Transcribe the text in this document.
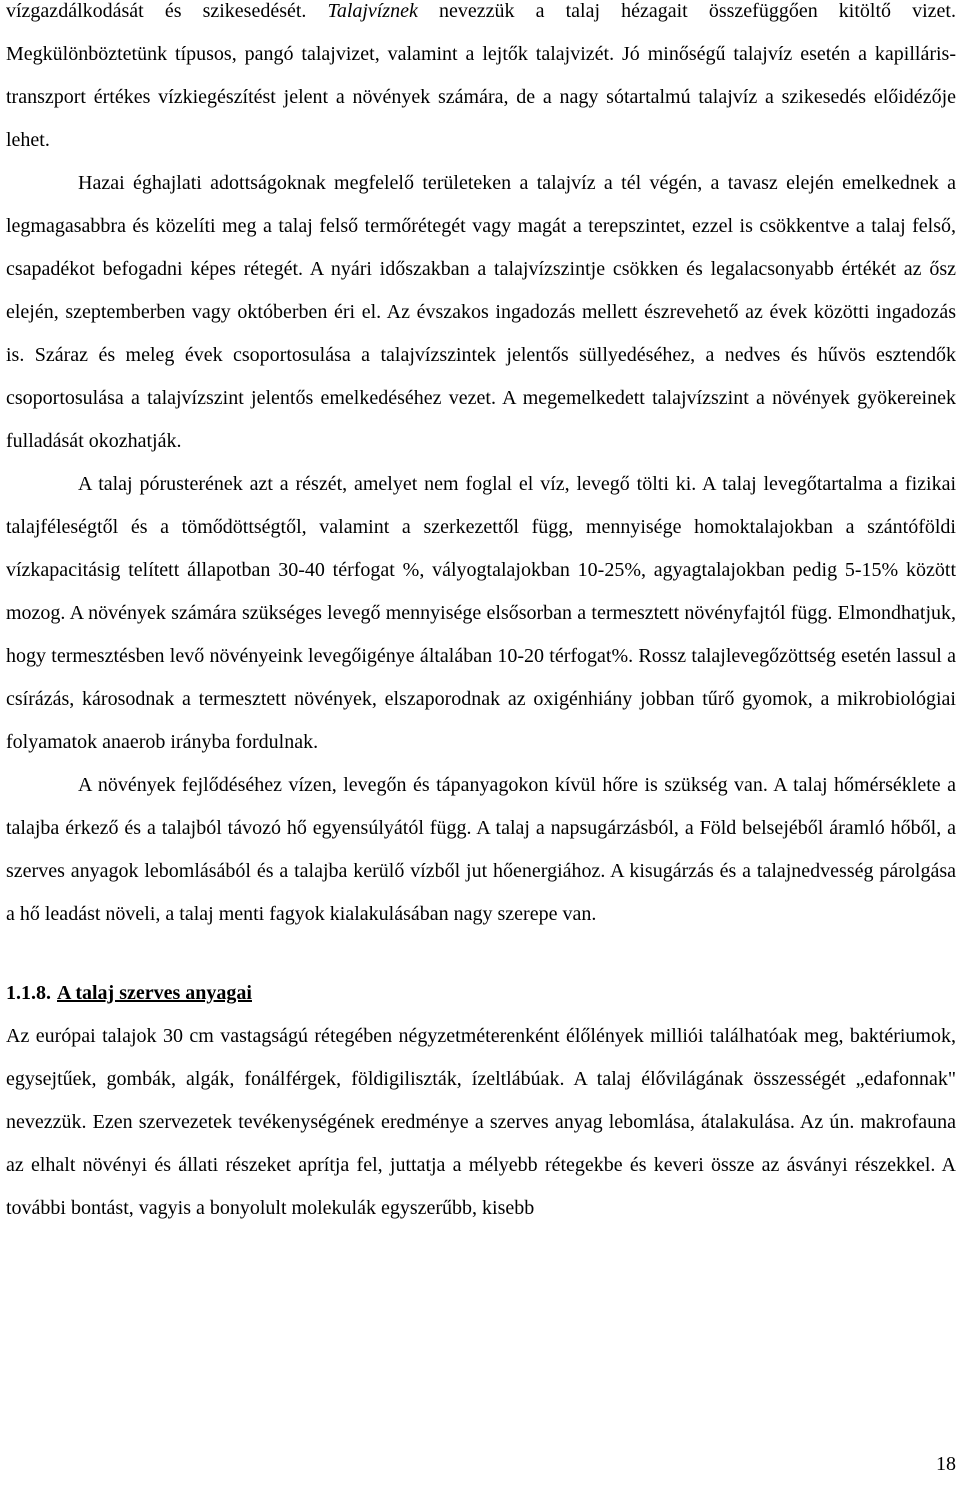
vízgazdálkodását és szikesedését. Talajvíznek nevezzük a talaj hézagait összefüggően kitöltő vizet. Megkülönböztetünk típusos, pangó talajvizet, valamint a lejtők talajvizét. Jó minőségű talajvíz esetén a kapilláris-transzport értékes vízkiegészítést jelent a növények számára, de a nagy sótartalmú talajvíz a szikesedés előidézője lehet.

Hazai éghajlati adottságoknak megfelelő területeken a talajvíz a tél végén, a tavasz elején emelkednek a legmagasabbra és közelíti meg a talaj felső termőrétegét vagy magát a terepszintet, ezzel is csökkentve a talaj felső, csapadékot befogadni képes rétegét. A nyári időszakban a talajvízszintje csökken és legalacsonyabb értékét az ősz elején, szeptemberben vagy októberben éri el. Az évszakos ingadozás mellett észrevehető az évek közötti ingadozás is. Száraz és meleg évek csoportosulása a talajvízszintek jelentős süllyedéséhez, a nedves és hűvös esztendők csoportosulása a talajvízszint jelentős emelkedéséhez vezet. A megemelkedett talajvízszint a növények gyökereinek fulladását okozhatják.

A talaj pórusterének azt a részét, amelyet nem foglal el víz, levegő tölti ki. A talaj levegőtartalma a fizikai talajféleségtől és a tömődöttségtől, valamint a szerkezettől függ, mennyisége homoktalajokban a szántóföldi vízkapacitásig telített állapotban 30-40 térfogat %, vályogtalajokban 10-25%, agyagtalajokban pedig 5-15% között mozog. A növények számára szükséges levegő mennyisége elsősorban a termesztett növényfajtól függ. Elmondhatjuk, hogy termesztésben levő növényeink levegőigénye általában 10-20 térfogat%. Rossz talajlevegőzöttség esetén lassul a csírázás, károsodnak a termesztett növények, elszaporodnak az oxigénhiány jobban tűrő gyomok, a mikrobiológiai folyamatok anaerob irányba fordulnak.

A növények fejlődéséhez vízen, levegőn és tápanyagokon kívül hőre is szükség van. A talaj hőmérséklete a talajba érkező és a talajból távozó hő egyensúlyától függ. A talaj a napsugárzásból, a Föld belsejéből áramló hőből, a szerves anyagok lebomlásából és a talajba kerülő vízből jut hőenergiához. A kisugárzás és a talajnedvesség párolgása a hő leadást növeli, a talaj menti fagyok kialakulásában nagy szerepe van.

1.1.8. A talaj szerves anyagai

Az európai talajok 30 cm vastagságú rétegében négyzetméterenként élőlények milliói találhatóak meg, baktériumok, egysejtűek, gombák, algák, fonálférgek, földigiliszták, ízeltlábúak. A talaj élővilágának összességét „edafonnak" nevezzük. Ezen szervezetek tevékenységének eredménye a szerves anyag lebomlása, átalakulása. Az ún. makrofauna az elhalt növényi és állati részeket aprítja fel, juttatja a mélyebb rétegekbe és keveri össze az ásványi részekkel. A további bontást, vagyis a bonyolult molekulák egyszerűbb, kisebb

18
